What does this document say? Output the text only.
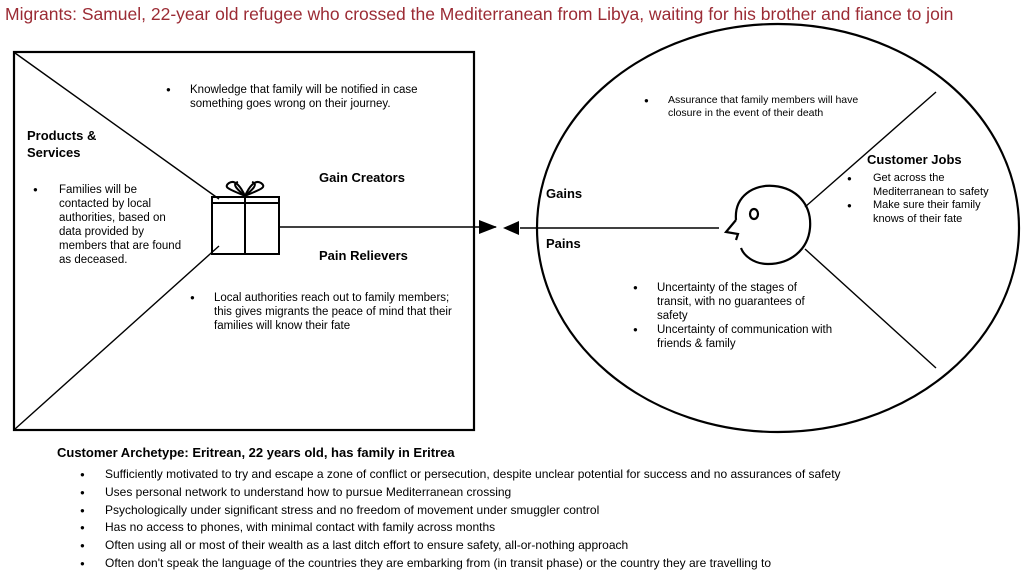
Migrants: Samuel, 22-year old refugee who crossed the Mediterranean from Libya, waiting for his brother and fiance to join
Products & Services
● Families will be contacted by local authorities, based on data provided by members that are found as deceased.
● Knowledge that family will be notified in case something goes wrong on their journey.
Gain Creators
Pain Relievers
● Local authorities reach out to family members; this gives migrants the peace of mind that their families will know their fate
● Assurance that family members will have closure in the event of their death
Gains
Pains
● Uncertainty of the stages of transit, with no guarantees of safety
● Uncertainty of communication with friends & family
Customer Jobs
● Get across the Mediterranean to safety
● Make sure their family knows of their fate
Customer Archetype: Eritrean, 22 years old, has family in Eritrea
● Sufficiently motivated to try and escape a zone of conflict or persecution, despite unclear potential for success and no assurances of safety
● Uses personal network to understand how to pursue Mediterranean crossing
● Psychologically under significant stress and no freedom of movement under smuggler control
● Has no access to phones, with minimal contact with family across months
● Often using all or most of their wealth as a last ditch effort to ensure safety, all-or-nothing approach
● Often don't speak the language of the countries they are embarking from (in transit phase) or the country they are travelling to
